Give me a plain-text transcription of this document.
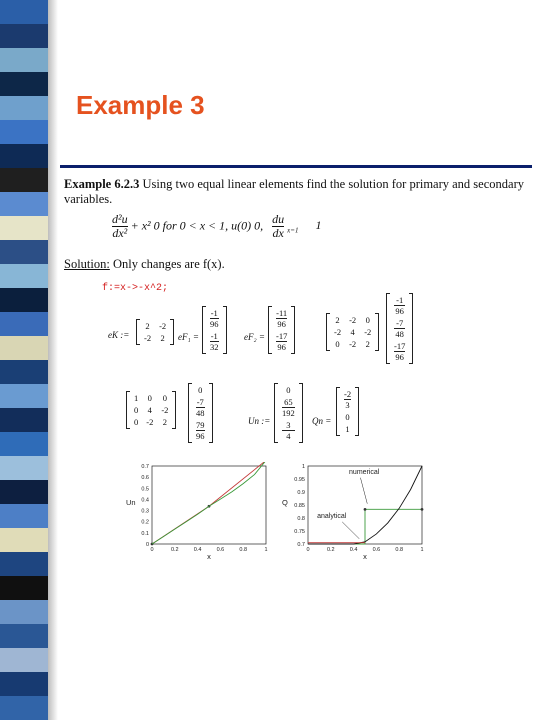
Example 3
Example 6.2.3 Using two equal linear elements find the solution for primary and secondary variables.
$\frac{\text{d²u}}{\text{dx²}} + x^2$ 0 for 0 < x < 1, u(0) 0, $\frac{du}{dx} _{x=1}$ 1
Solution: Only changes are f(x).
f:=x->-x^2;
eK :=
2	-2
-2	2 eF₁ =
-1
96

-1
32
eF₂ =
-11
96

-17
96
2	-2	0
-2	4	-2
0	-2	2
-1
96

-7
48

-17
96
1	0	0
0	4	-2
0	-2	2
0

-7
48

79
96
Un :=
0

65
192

3
4
Qn =
-2
3

0

1
0	0.2	0.4	0.6	0.8	1
0
0.1
0.2
0.3
0.4
0.5
0.6
0.7
x
Un
0	0.2	0.4	0.6	0.8	1
0.7
0.75
0.8
0.85
0.9
0.95
1
x
Q
numerical
analytical
